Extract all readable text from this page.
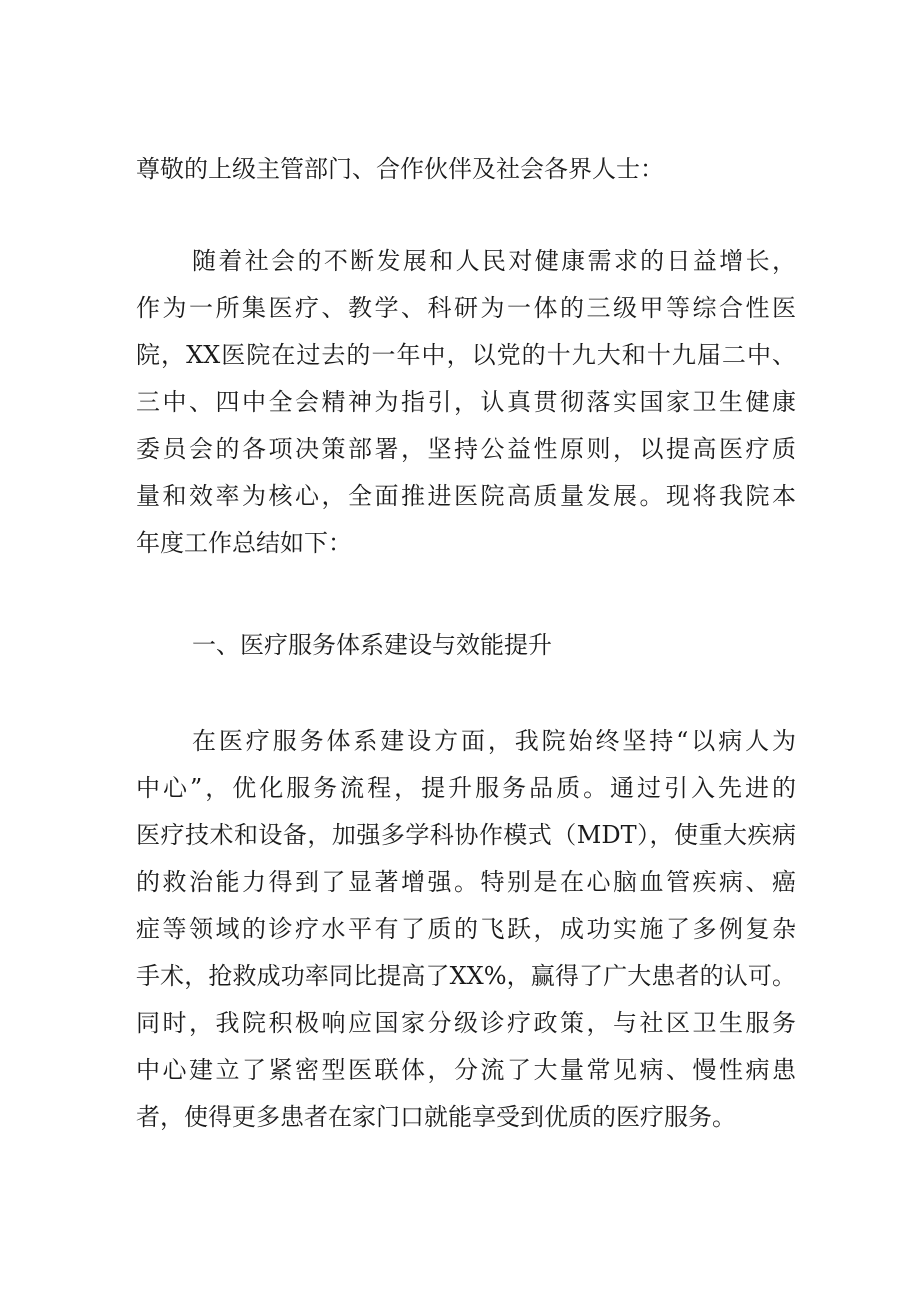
尊敬的上级主管部门、合作伙伴及社会各界人士：

随着社会的不断发展和人民对健康需求的日益增长，

作为一所集医疗、教学、科研为一体的三级甲等综合性医

院，XX医院在过去的一年中，以党的十九大和十九届二中、

三中、四中全会精神为指引，认真贯彻落实国家卫生健康

委员会的各项决策部署，坚持公益性原则，以提高医疗质

量和效率为核心，全面推进医院高质量发展。现将我院本

年度工作总结如下：

一、医疗服务体系建设与效能提升

在医疗服务体系建设方面，我院始终坚持“以病人为

中心”，优化服务流程，提升服务品质。通过引入先进的

医疗技术和设备，加强多学科协作模式（MDT），使重大疾病

的救治能力得到了显著增强。特别是在心脑血管疾病、癌

症等领域的诊疗水平有了质的飞跃，成功实施了多例复杂

手术，抢救成功率同比提高了XX%，赢得了广大患者的认可。

同时，我院积极响应国家分级诊疗政策，与社区卫生服务

中心建立了紧密型医联体，分流了大量常见病、慢性病患

者，使得更多患者在家门口就能享受到优质的医疗服务。
